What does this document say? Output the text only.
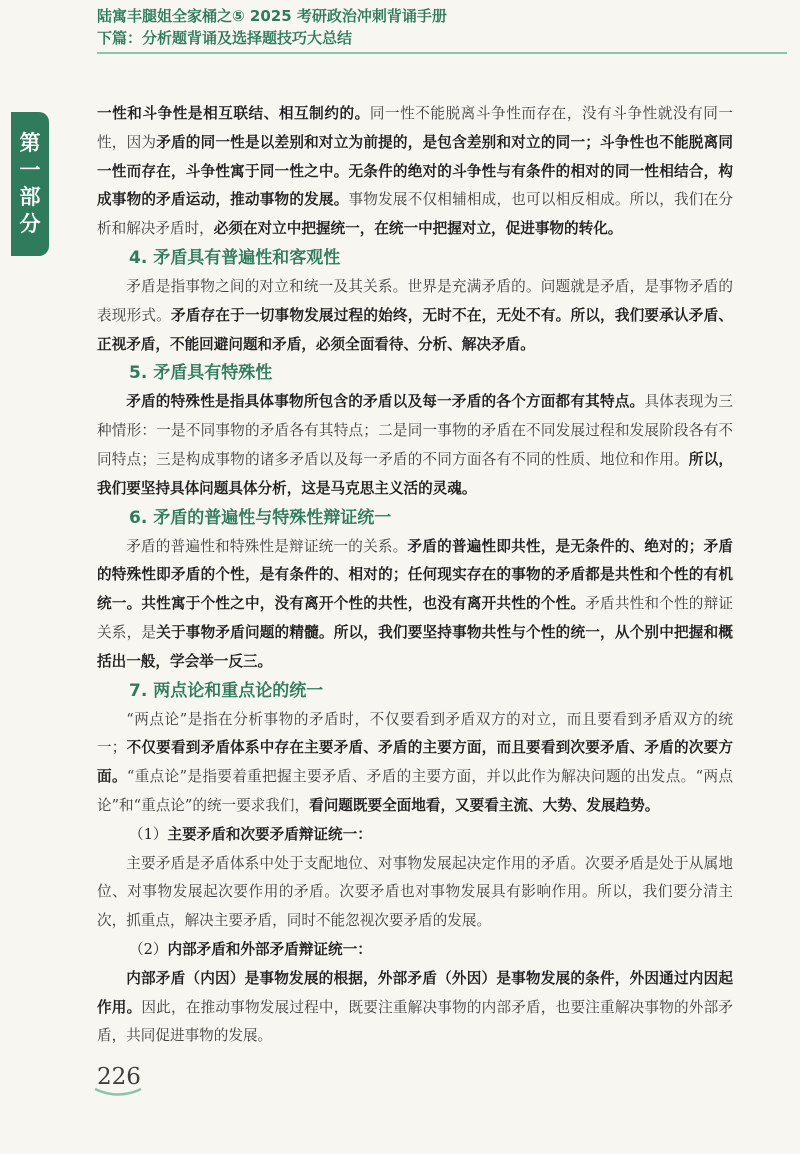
陆寓丰腿姐全家桶之⑤ 2025 考研政治冲刺背诵手册
下篇：分析题背诵及选择题技巧大总结
第
一
部
分

一性和斗争性是相互联结、相互制约的。同一性不能脱离斗争性而存在，没有斗争性就没有同一性，因为矛盾的同一性是以差别和对立为前提的，是包含差别和对立的同一；斗争性也不能脱离同一性而存在，斗争性寓于同一性之中。无条件的绝对的斗争性与有条件的相对的同一性相结合，构成事物的矛盾运动，推动事物的发展。事物发展不仅相辅相成，也可以相反相成。所以，我们在分析和解决矛盾时，必须在对立中把握统一，在统一中把握对立，促进事物的转化。

4. 矛盾具有普遍性和客观性

矛盾是指事物之间的对立和统一及其关系。世界是充满矛盾的。问题就是矛盾，是事物矛盾的表现形式。矛盾存在于一切事物发展过程的始终，无时不在，无处不有。所以，我们要承认矛盾、正视矛盾，不能回避问题和矛盾，必须全面看待、分析、解决矛盾。

5. 矛盾具有特殊性

矛盾的特殊性是指具体事物所包含的矛盾以及每一矛盾的各个方面都有其特点。具体表现为三种情形：一是不同事物的矛盾各有其特点；二是同一事物的矛盾在不同发展过程和发展阶段各有不同特点；三是构成事物的诸多矛盾以及每一矛盾的不同方面各有不同的性质、地位和作用。所以，我们要坚持具体问题具体分析，这是马克思主义活的灵魂。

6. 矛盾的普遍性与特殊性辩证统一

矛盾的普遍性和特殊性是辩证统一的关系。矛盾的普遍性即共性，是无条件的、绝对的；矛盾的特殊性即矛盾的个性，是有条件的、相对的；任何现实存在的事物的矛盾都是共性和个性的有机统一。共性寓于个性之中，没有离开个性的共性，也没有离开共性的个性。矛盾共性和个性的辩证关系，是关于事物矛盾问题的精髓。所以，我们要坚持事物共性与个性的统一，从个别中把握和概括出一般，学会举一反三。

7. 两点论和重点论的统一

“两点论”是指在分析事物的矛盾时，不仅要看到矛盾双方的对立，而且要看到矛盾双方的统一；不仅要看到矛盾体系中存在主要矛盾、矛盾的主要方面，而且要看到次要矛盾、矛盾的次要方面。“重点论”是指要着重把握主要矛盾、矛盾的主要方面，并以此作为解决问题的出发点。“两点论”和“重点论”的统一要求我们，看问题既要全面地看，又要看主流、大势、发展趋势。

（1）主要矛盾和次要矛盾辩证统一：

主要矛盾是矛盾体系中处于支配地位、对事物发展起决定作用的矛盾。次要矛盾是处于从属地位、对事物发展起次要作用的矛盾。次要矛盾也对事物发展具有影响作用。所以，我们要分清主次，抓重点，解决主要矛盾，同时不能忽视次要矛盾的发展。

（2）内部矛盾和外部矛盾辩证统一：

内部矛盾（内因）是事物发展的根据，外部矛盾（外因）是事物发展的条件，外因通过内因起作用。因此，在推动事物发展过程中，既要注重解决事物的内部矛盾，也要注重解决事物的外部矛盾，共同促进事物的发展。

226
